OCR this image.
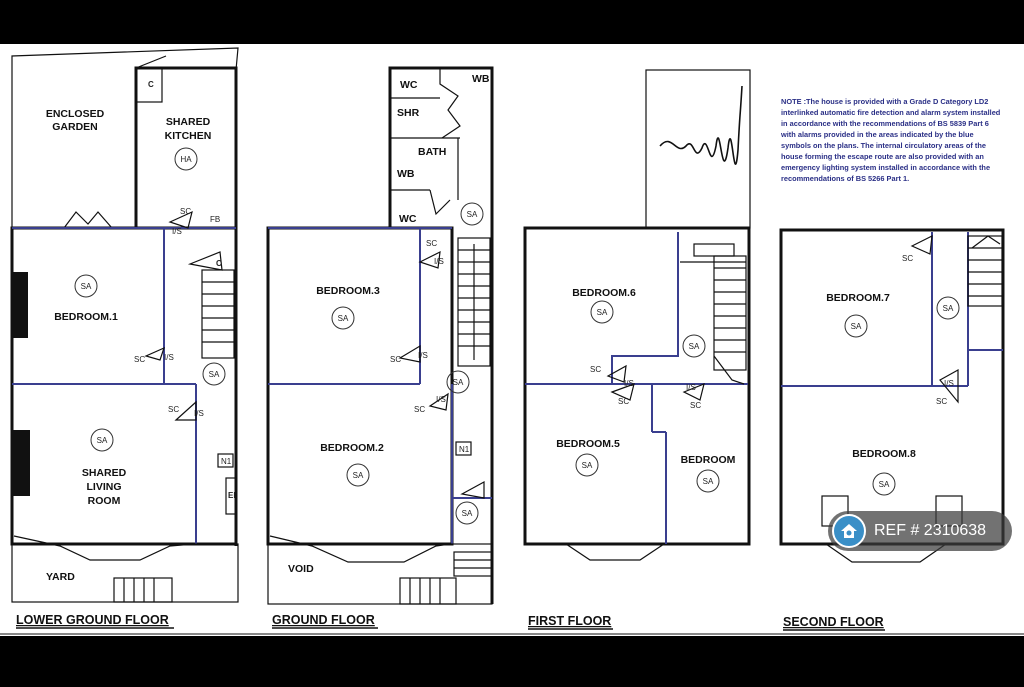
ENCLOSED
GARDEN	SHARED
KITCHEN
BEDROOM.1
SHARED
LIVING
ROOM
YARD
C
HA
SC
I/S
FB
C
SA
SC I/S
SA
SC I/S
SA
N1
El
LOWER GROUND FLOOR
WC	WB
SHR
BATH
WB
WC
BEDROOM.3
BEDROOM.2
VOID
SA
SC
I/S
SA
SC I/S
SA
SC
I/S
SA
SA
N1
GROUND FLOOR
BEDROOM.6
BEDROOM.5
BEDROOM
SA
SA
SC
I/S
SC
I/S
SC
SA
SA
FIRST FLOOR
BEDROOM.7
BEDROOM.8
SC
SA
SA
I/S
SC
SA
SECOND FLOOR
NOTE :The house is provided with a Grade D Category LD2
interlinked automatic fire detection and alarm system installed
in accordance with the recommendations of BS 5839 Part 6
with alarms provided in the areas indicated by the blue
symbols on the plans. The internal circulatory areas of the
house forming the escape route are also provided with an
emergency lighting system installed in accordance with the
recommendations of BS 5266 Part 1.
REF # 2310638
